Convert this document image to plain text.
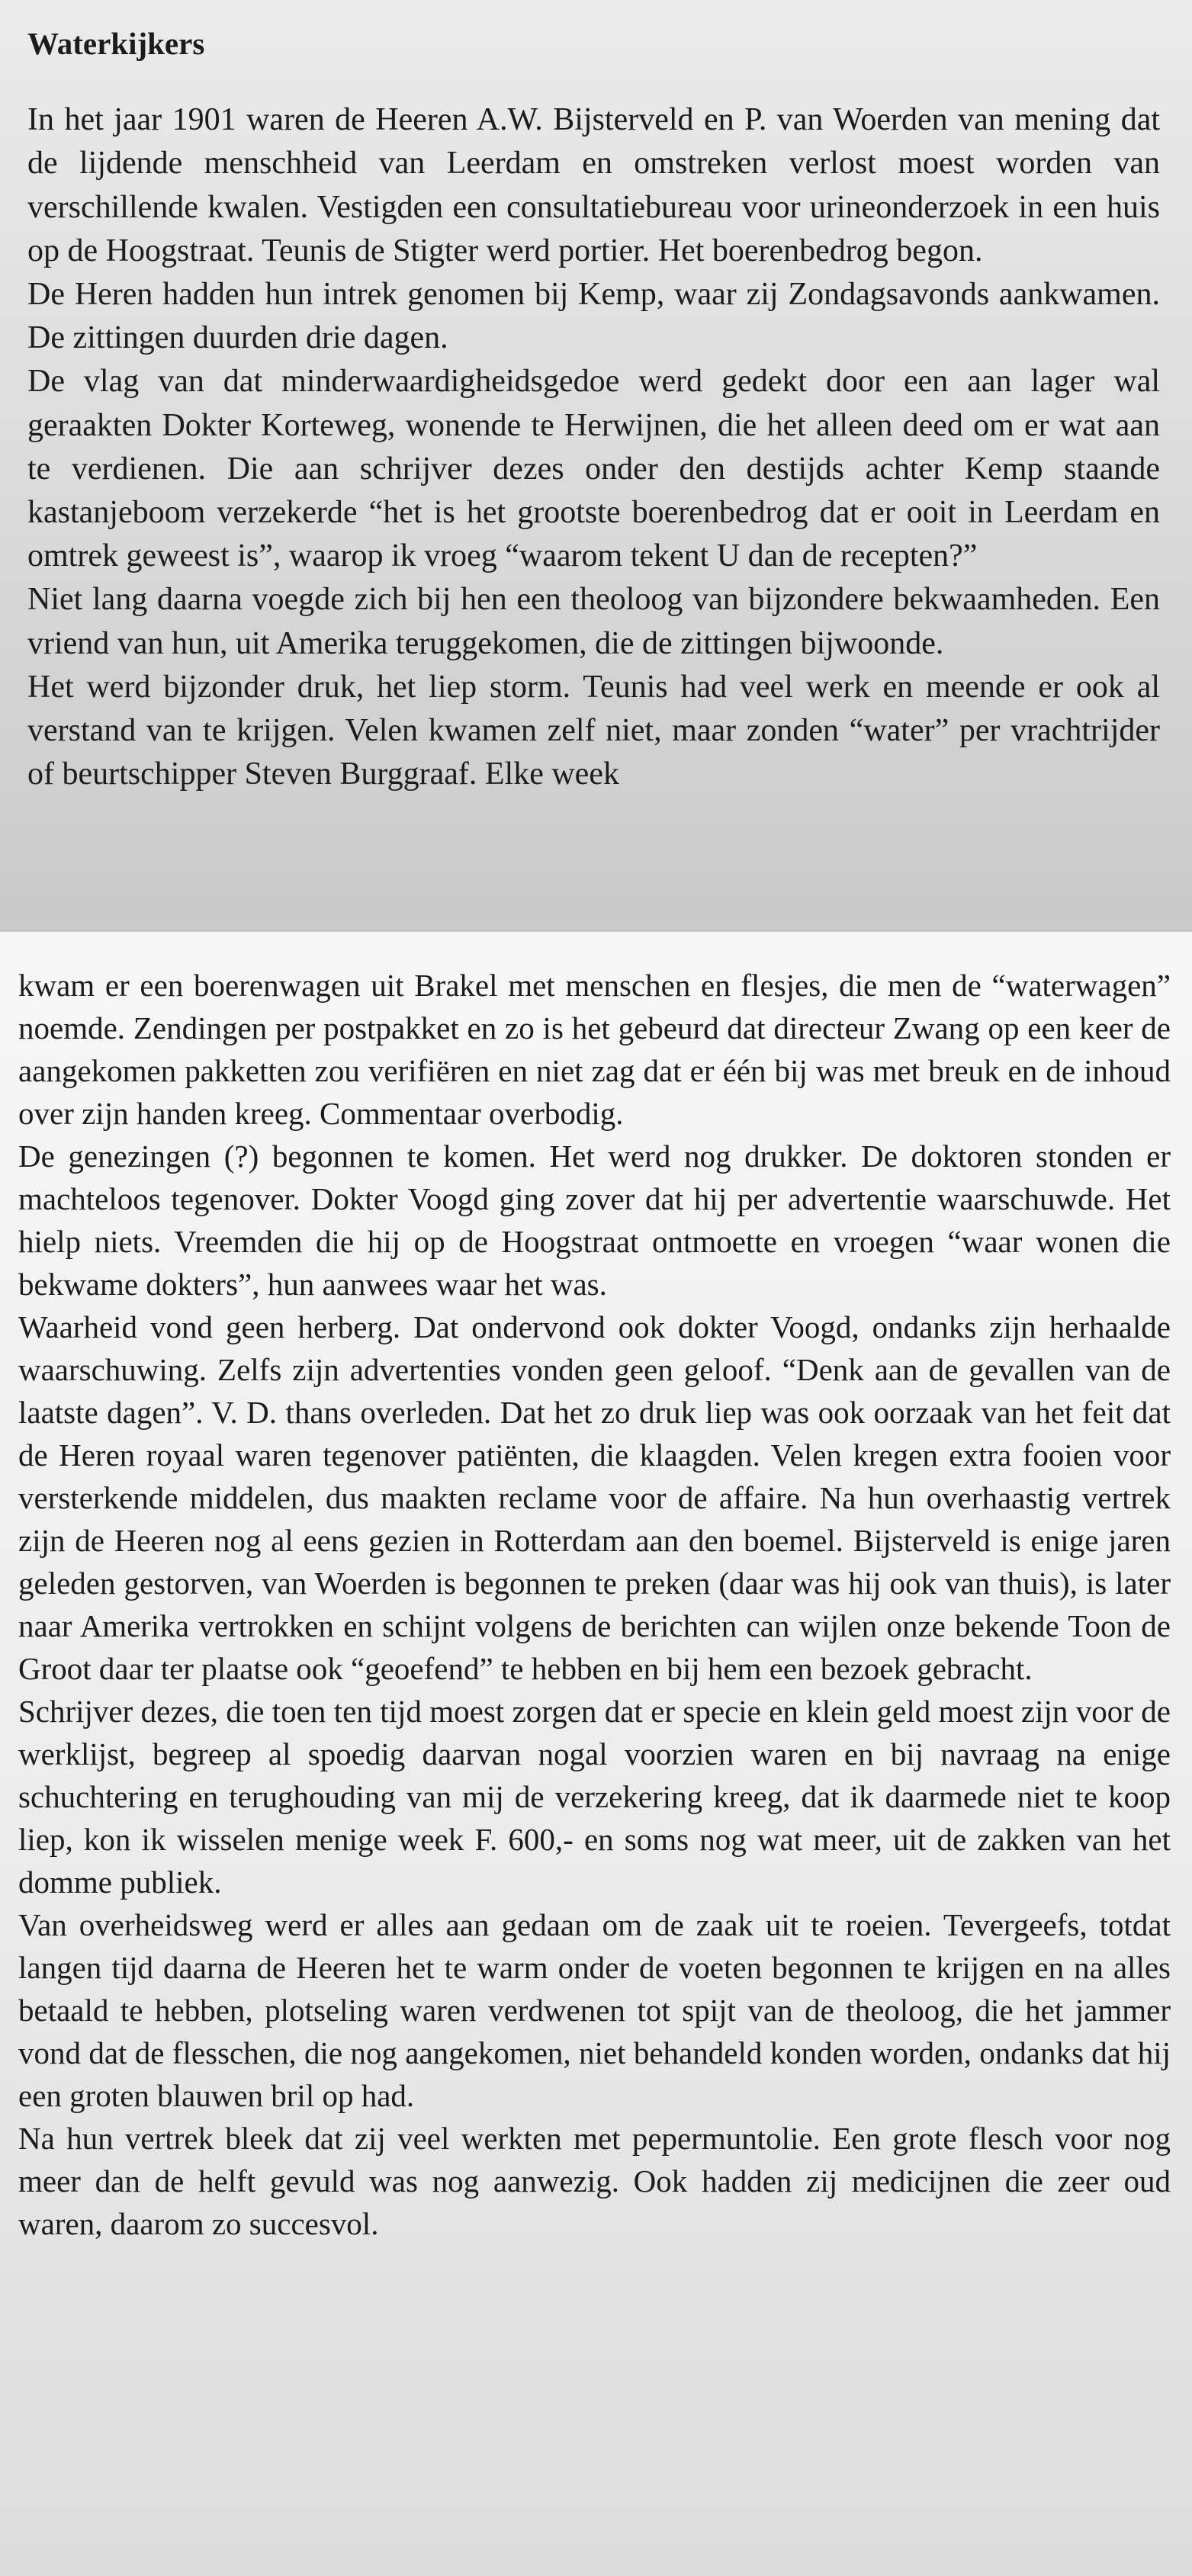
Waterkijkers

In het jaar 1901 waren de Heeren A.W. Bijsterveld en P. van Woerden van mening dat de lijdende menschheid van Leerdam en omstreken verlost moest worden van verschillende kwalen. Vestigden een consultatiebureau voor urineonderzoek in een huis op de Hoogstraat. Teunis de Stigter werd portier. Het boerenbedrog begon.

De Heren hadden hun intrek genomen bij Kemp, waar zij Zondagsavonds aankwamen. De zittingen duurden drie dagen.

De vlag van dat minderwaardigheidsgedoe werd gedekt door een aan lager wal geraakten Dokter Korteweg, wonende te Herwijnen, die het alleen deed om er wat aan te verdienen. Die aan schrijver dezes onder den destijds achter Kemp staande kastanjeboom verzekerde “het is het grootste boerenbedrog dat er ooit in Leerdam en omtrek geweest is”, waarop ik vroeg “waarom tekent U dan de recepten?”

Niet lang daarna voegde zich bij hen een theoloog van bijzondere bekwaamheden. Een vriend van hun, uit Amerika teruggekomen, die de zittingen bijwoonde.

Het werd bijzonder druk, het liep storm. Teunis had veel werk en meende er ook al verstand van te krijgen. Velen kwamen zelf niet, maar zonden “water” per vrachtrijder of beurtschipper Steven Burggraaf. Elke week

kwam er een boerenwagen uit Brakel met menschen en flesjes, die men de “waterwagen” noemde. Zendingen per postpakket en zo is het gebeurd dat directeur Zwang op een keer de aangekomen pakketten zou verifiëren en niet zag dat er één bij was met breuk en de inhoud over zijn handen kreeg. Commentaar overbodig.

De genezingen (?) begonnen te komen. Het werd nog drukker. De doktoren stonden er machteloos tegenover. Dokter Voogd ging zover dat hij per advertentie waarschuwde. Het hielp niets. Vreemden die hij op de Hoogstraat ontmoette en vroegen “waar wonen die bekwame dokters”, hun aanwees waar het was.

Waarheid vond geen herberg. Dat ondervond ook dokter Voogd, ondanks zijn herhaalde waarschuwing. Zelfs zijn advertenties vonden geen geloof. “Denk aan de gevallen van de laatste dagen”. V. D. thans overleden. Dat het zo druk liep was ook oorzaak van het feit dat de Heren royaal waren tegenover patiënten, die klaagden. Velen kregen extra fooien voor versterkende middelen, dus maakten reclame voor de affaire. Na hun overhaastig vertrek zijn de Heeren nog al eens gezien in Rotterdam aan den boemel. Bijsterveld is enige jaren geleden gestorven, van Woerden is begonnen te preken (daar was hij ook van thuis), is later naar Amerika vertrokken en schijnt volgens de berichten can wijlen onze bekende Toon de Groot daar ter plaatse ook “geoefend” te hebben en bij hem een bezoek gebracht.

Schrijver dezes, die toen ten tijd moest zorgen dat er specie en klein geld moest zijn voor de werklijst, begreep al spoedig daarvan nogal voorzien waren en bij navraag na enige schuchtering en terughouding van mij de verzekering kreeg, dat ik daarmede niet te koop liep, kon ik wisselen menige week F. 600,- en soms nog wat meer, uit de zakken van het domme publiek.

Van overheidsweg werd er alles aan gedaan om de zaak uit te roeien. Tevergeefs, totdat langen tijd daarna de Heeren het te warm onder de voeten begonnen te krijgen en na alles betaald te hebben, plotseling waren verdwenen tot spijt van de theoloog, die het jammer vond dat de flesschen, die nog aangekomen, niet behandeld konden worden, ondanks dat hij een groten blauwen bril op had.

Na hun vertrek bleek dat zij veel werkten met pepermuntolie. Een grote flesch voor nog meer dan de helft gevuld was nog aanwezig. Ook hadden zij medicijnen die zeer oud waren, daarom zo succesvol.
